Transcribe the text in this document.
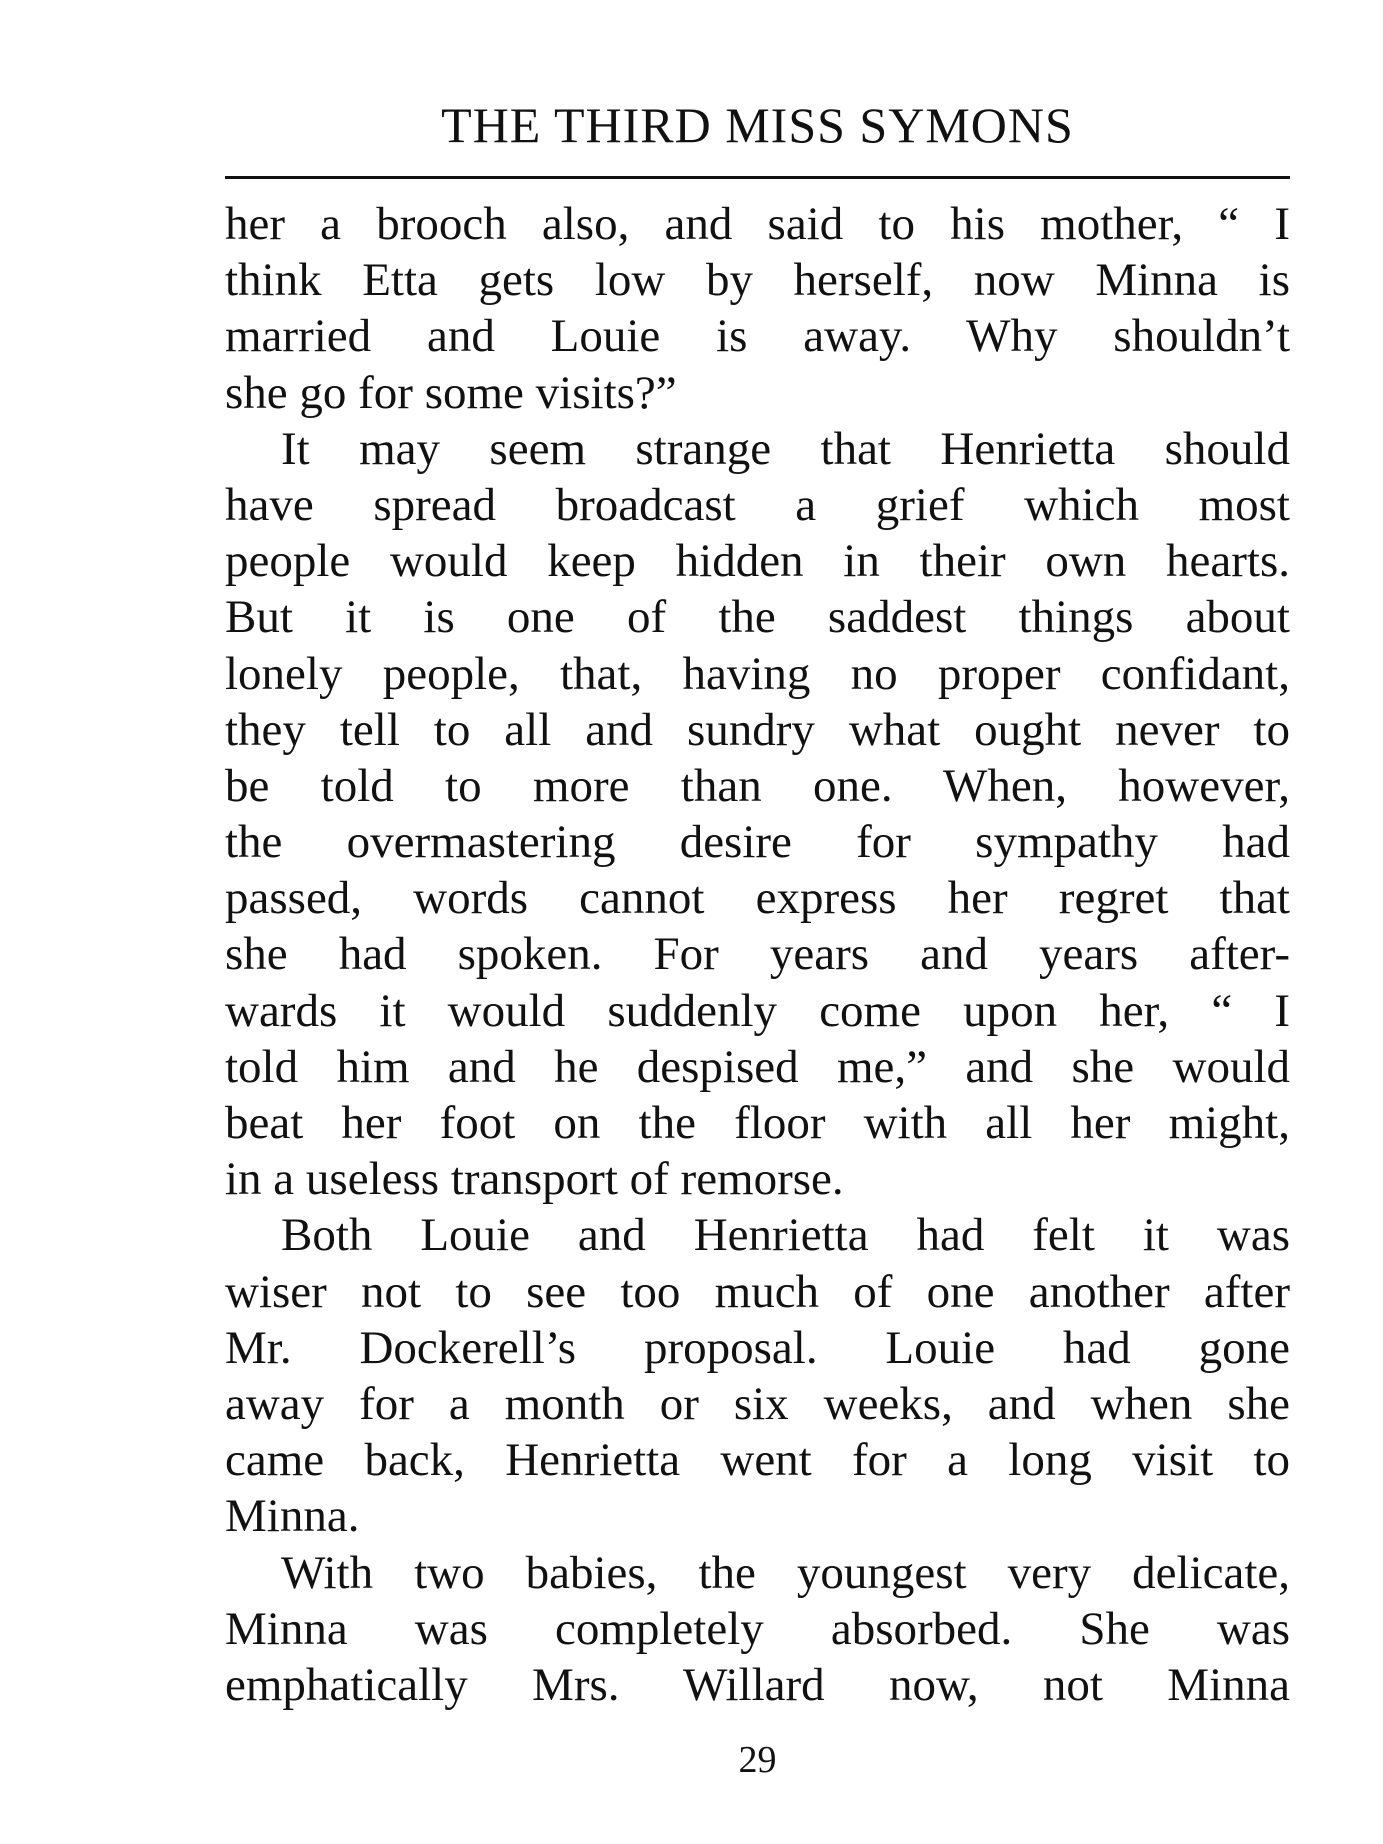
THE THIRD MISS SYMONS
her a brooch also, and said to his mother, “ I
think Etta gets low by herself, now Minna is
married and Louie is away. Why shouldn’t
she go for some visits?”
It may seem strange that Henrietta should
have spread broadcast a grief which most
people would keep hidden in their own hearts.
But it is one of the saddest things about
lonely people, that, having no proper confidant,
they tell to all and sundry what ought never to
be told to more than one. When, however,
the overmastering desire for sympathy had
passed, words cannot express her regret that
she had spoken. For years and years after-
wards it would suddenly come upon her, “ I
told him and he despised me,” and she would
beat her foot on the floor with all her might,
in a useless transport of remorse.
Both Louie and Henrietta had felt it was
wiser not to see too much of one another after
Mr. Dockerell’s proposal. Louie had gone
away for a month or six weeks, and when she
came back, Henrietta went for a long visit to
Minna.
With two babies, the youngest very delicate,
Minna was completely absorbed. She was
emphatically Mrs. Willard now, not Minna
29
